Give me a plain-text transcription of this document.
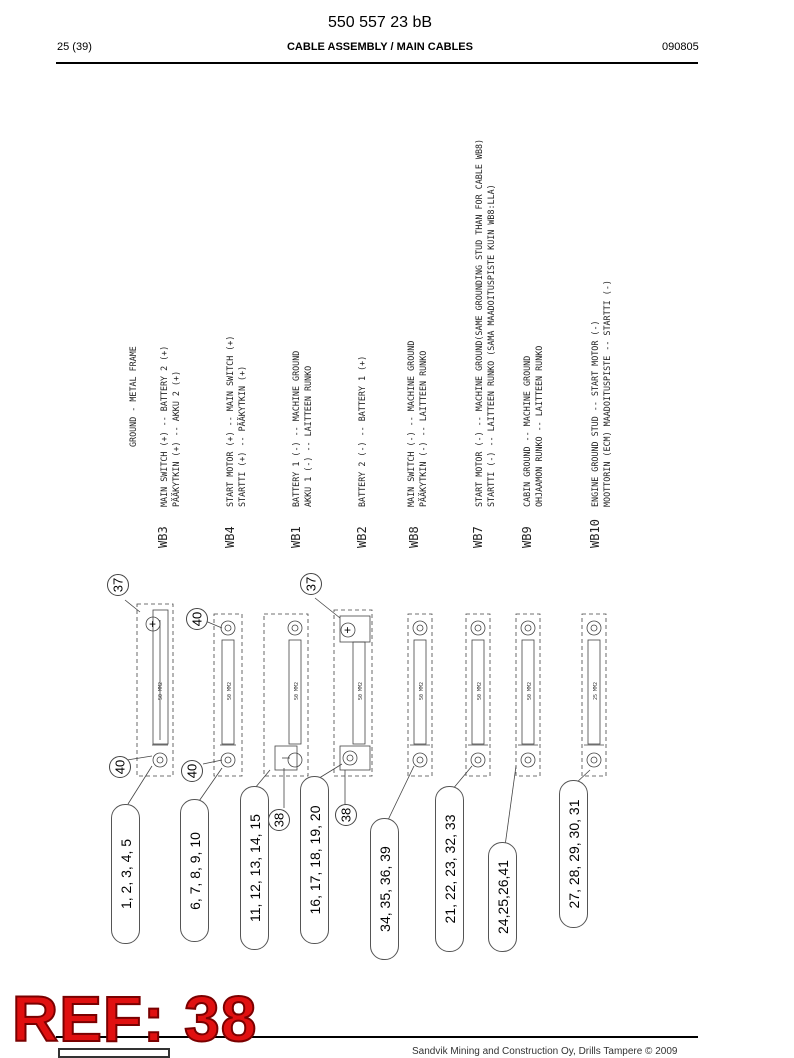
550 557 23 bB
25 (39)	CABLE ASSEMBLY / MAIN CABLES	090805
GROUND - METAL FRAME
WB3
MAIN SWITCH (+) -- BATTERY 2 (+) PÄÄKYTKIN (+) -- AKKU 2 (+)
WB4
START MOTOR (+) -- MAIN SWITCH (+) STARTTI (+) -- PÄÄKYTKIN (+)
WB1
BATTERY 1 (-) -- MACHINE GROUND AKKU 1 (-) -- LAITTEEN RUNKO
WB2
BATTERY 2 (-) -- BATTERY 1 (+)
WB8
MAIN SWITCH (-) -- MACHINE GROUND PÄÄKYTKIN (-) -- LAITTEEN RUNKO
WB7
START MOTOR (-) -- MACHINE GROUND(SAME GROUNDING STUD THAN FOR CABLE WB8) STARTTI (-) -- LAITTEEN RUNKO (SAMA MAADOITUSPISTE KUIN WB8:LLA)
WB9
CABIN GROUND -- MACHINE GROUND OHJAAMON RUNKO -- LAITTEEN RUNKO
WB10
ENGINE GROUND STUD -- START MOTOR (-) MOOTTORIN (ECM) MAADOITUSPISTE -- STARTTI (-)
+	+
50 MM2	50 MM2	50 MM2	50 MM2	50 MM2	50 MM2	50 MM2	25 MM2
37
40
40	40
37
38	38
1, 2, 3, 4, 5	6, 7, 8, 9, 10	11, 12, 13, 14, 15	16, 17, 18, 19, 20	34, 35, 36, 39	21, 22, 23, 32, 33	24,25,26,41	27, 28, 29, 30, 31
Sandvik Mining and Construction Oy, Drills Tampere © 2009
REF: 38
